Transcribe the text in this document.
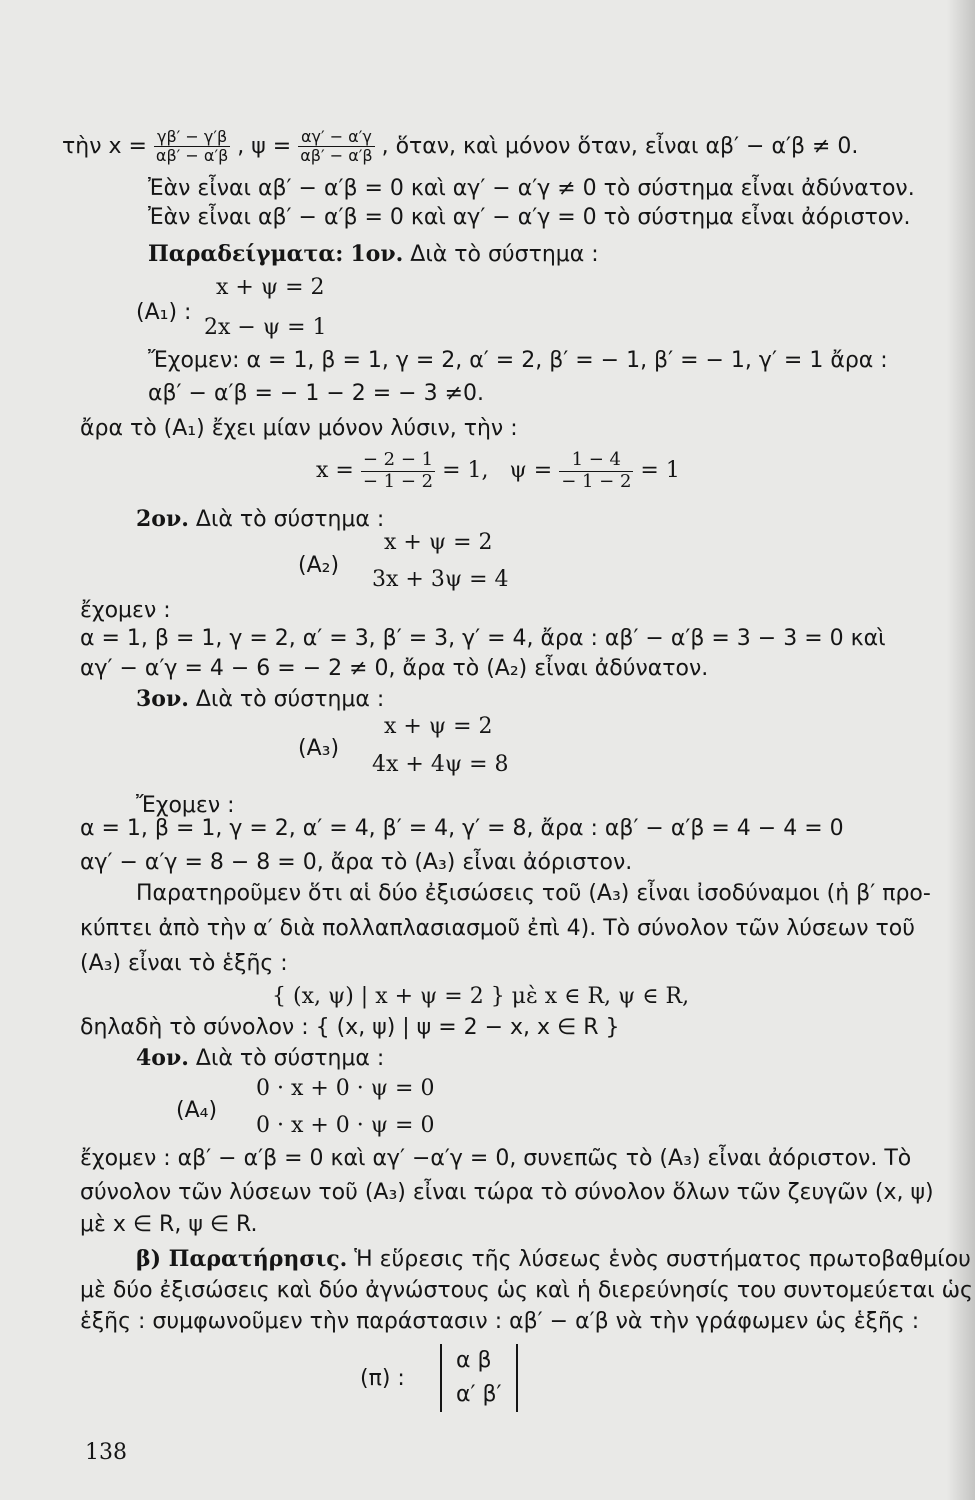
τὴν $x = \frac{\gamma\beta' - \gamma'\beta}{\alpha\beta' - \alpha'\beta}$ , $\psi = \frac{\alpha\gamma' - \alpha'\gamma}{\alpha\beta' - \alpha'\beta}$ , ὅταν, καὶ μόνον ὅταν, εἶναι αβ′ − α′β ≠ 0.
Ἐὰν εἶναι αβ′ − α′β = 0 καὶ αγ′ − α′γ ≠ 0 τὸ σύστημα εἶναι ἀδύνατον.
Ἐὰν εἶναι αβ′ − α′β = 0 καὶ αγ′ − α′γ = 0 τὸ σύστημα εἶναι ἀόριστον.
Παραδείγματα: 1ον. Διὰ τὸ σύστημα :
(A₁) :
x + ψ = 2
2x − ψ = 1
Ἔχομεν: α = 1, β = 1, γ = 2, α′ = 2, β′ = − 1, β′ = − 1, γ′ = 1 ἄρα :
αβ′ − α′β = − 1 − 2 = − 3 ≠0.
ἄρα τὸ (A₁) ἔχει μίαν μόνον λύσιν, τὴν :
$x = \frac{- 2 - 1}{- 1 - 2} = 1$, $\psi = \frac{1 - 4}{- 1 - 2} = 1$
2ον. Διὰ τὸ σύστημα :
(A₂)
x + ψ = 2
3x + 3ψ = 4
ἔχομεν :
α = 1, β = 1, γ = 2, α′ = 3, β′ = 3, γ′ = 4, ἄρα : αβ′ − α′β = 3 − 3 = 0 καὶ
αγ′ − α′γ = 4 − 6 = − 2 ≠ 0, ἄρα τὸ (A₂) εἶναι ἀδύνατον.
3ον. Διὰ τὸ σύστημα :
(A₃)
x + ψ = 2
4x + 4ψ = 8
Ἔχομεν :
α = 1, β = 1, γ = 2, α′ = 4, β′ = 4, γ′ = 8, ἄρα : αβ′ − α′β = 4 − 4 = 0
αγ′ − α′γ = 8 − 8 = 0, ἄρα τὸ (A₃) εἶναι ἀόριστον.
Παρατηροῦμεν ὅτι αἱ δύο ἐξισώσεις τοῦ (A₃) εἶναι ἰσοδύναμοι (ἡ β′ προ-
κύπτει ἀπὸ τὴν α′ διὰ πολλαπλασιασμοῦ ἐπὶ 4). Τὸ σύνολον τῶν λύσεων τοῦ
(A₃) εἶναι τὸ ἑξῆς :
{ (x, ψ) | x + ψ = 2 } μὲ x ∈ R, ψ ∈ R,
δηλαδὴ τὸ σύνολον : { (x, ψ) | ψ = 2 − x, x ∈ R }
4ον. Διὰ τὸ σύστημα :
(A₄)
0 · x + 0 · ψ = 0
0 · x + 0 · ψ = 0
ἔχομεν : αβ′ − α′β = 0 καὶ αγ′ −α′γ = 0, συνεπῶς τὸ (A₃) εἶναι ἀόριστον. Τὸ
σύνολον τῶν λύσεων τοῦ (A₃) εἶναι τώρα τὸ σύνολον ὅλων τῶν ζευγῶν (x, ψ)
μὲ x ∈ R, ψ ∈ R.
β) Παρατήρησις. Ἡ εὕρεσις τῆς λύσεως ἑνὸς συστήματος πρωτοβαθμίου
μὲ δύο ἐξισώσεις καὶ δύο ἀγνώστους ὡς καὶ ἡ διερεύνησίς του συντομεύεται ὡς
ἑξῆς : συμφωνοῦμεν τὴν παράστασιν : αβ′ − α′β νὰ τὴν γράφωμεν ὡς ἑξῆς :
(π) :
α β
α′ β′
138
